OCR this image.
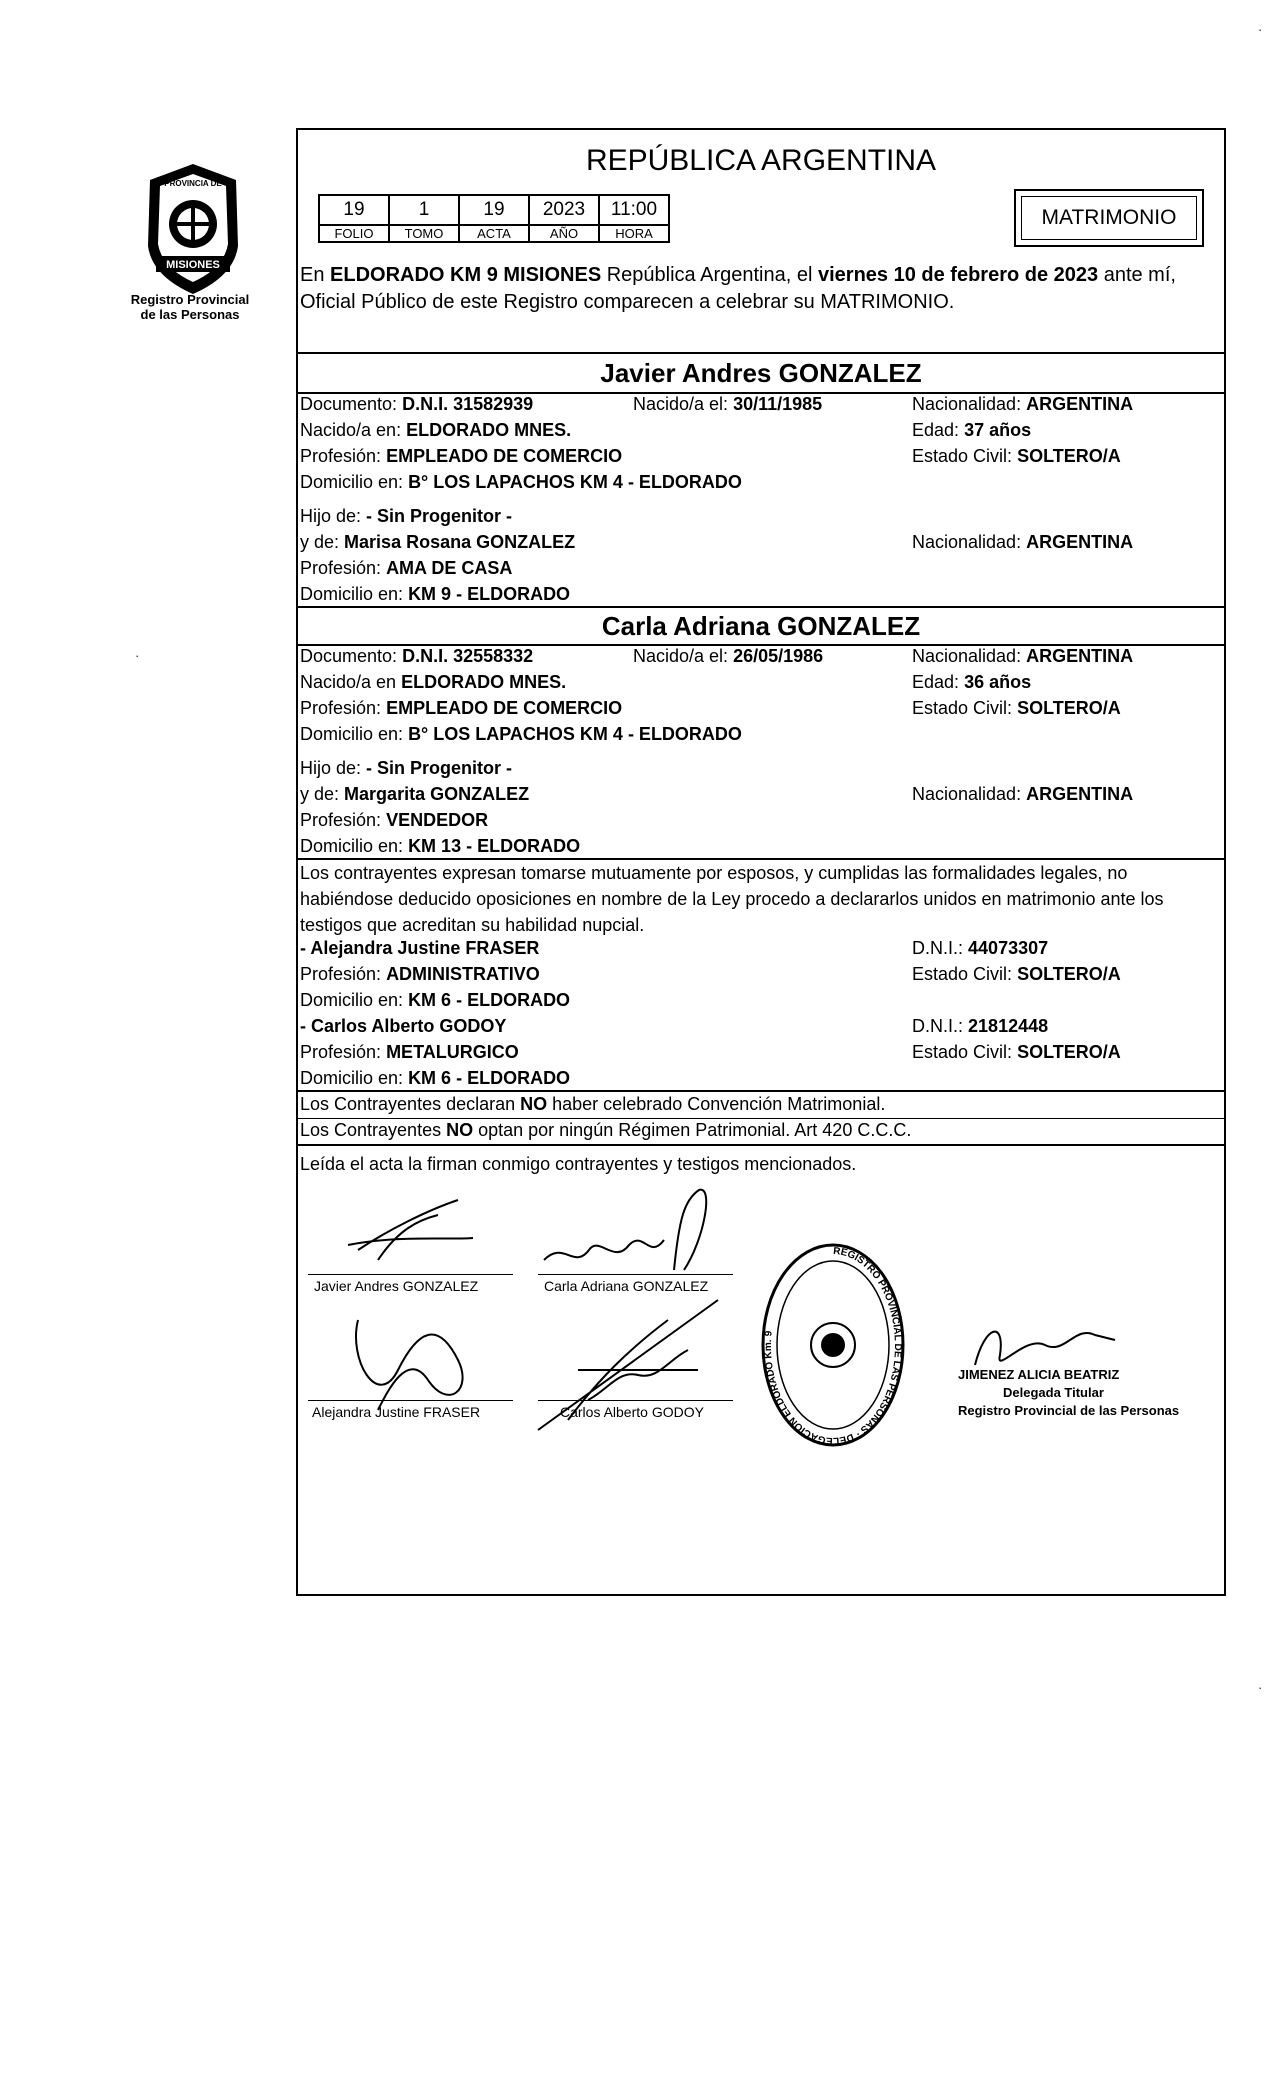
MISIONES
PROVINCIA DE
Registro Provincial
de las Personas
·
·
·
REPÚBLICA ARGENTINA
19	1	19	2023	11:00
FOLIO	TOMO	ACTA	AÑO	HORA
MATRIMONIO
En ELDORADO KM 9 MISIONES República Argentina, el viernes 10 de febrero de 2023 ante mí, Oficial Público de este Registro comparecen a celebrar su MATRIMONIO.
Javier Andres GONZALEZ
Documento: D.N.I. 31582939	Nacido/a el: 30/11/1985	Nacionalidad: ARGENTINA
Nacido/a en: ELDORADO MNES.	Edad: 37 años
Profesión: EMPLEADO DE COMERCIO	Estado Civil: SOLTERO/A
Domicilio en: B° LOS LAPACHOS KM 4 - ELDORADO
Hijo de: - Sin Progenitor -
y de: Marisa Rosana GONZALEZ	Nacionalidad: ARGENTINA
Profesión: AMA DE CASA
Domicilio en: KM 9 - ELDORADO
Carla Adriana GONZALEZ
Documento: D.N.I. 32558332	Nacido/a el: 26/05/1986	Nacionalidad: ARGENTINA
Nacido/a en ELDORADO MNES.	Edad: 36 años
Profesión: EMPLEADO DE COMERCIO	Estado Civil: SOLTERO/A
Domicilio en: B° LOS LAPACHOS KM 4 - ELDORADO
Hijo de: - Sin Progenitor -
y de: Margarita GONZALEZ	Nacionalidad: ARGENTINA
Profesión: VENDEDOR
Domicilio en: KM 13 - ELDORADO
Los contrayentes expresan tomarse mutuamente por esposos, y cumplidas las formalidades legales, no habiéndose deducido oposiciones en nombre de la Ley procedo a declararlos unidos en matrimonio ante los testigos que acreditan su habilidad nupcial.
- Alejandra Justine FRASER	D.N.I.: 44073307
Profesión: ADMINISTRATIVO	Estado Civil: SOLTERO/A
Domicilio en: KM 6 - ELDORADO
- Carlos Alberto GODOY	D.N.I.: 21812448
Profesión: METALURGICO	Estado Civil: SOLTERO/A
Domicilio en: KM 6 - ELDORADO
Los Contrayentes declaran NO haber celebrado Convención Matrimonial.
Los Contrayentes NO optan por ningún Régimen Patrimonial. Art 420 C.C.C.
Leída el acta la firman conmigo contrayentes y testigos mencionados.
Javier Andres GONZALEZ	Carla Adriana GONZALEZ
Alejandra Justine FRASER	Carlos Alberto GODOY
REGISTRO PROVINCIAL DE LAS PERSONAS · DELEGACION ELDORADO Km. 9
JIMENEZ ALICIA BEATRIZ
Delegada Titular
Registro Provincial de las Personas
